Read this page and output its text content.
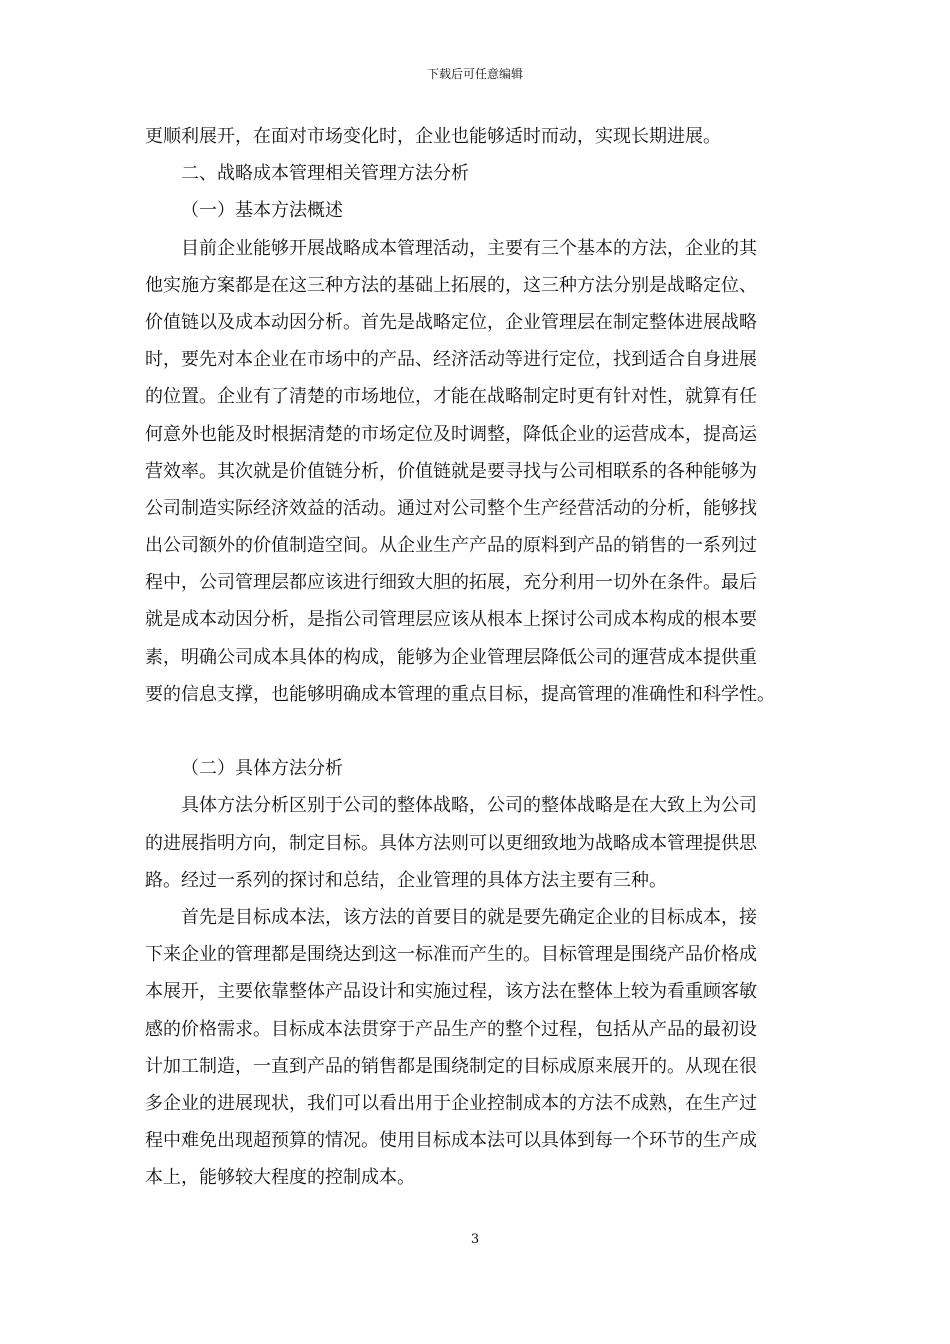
下载后可任意编辑
更顺利展开，在面对市场变化时，企业也能够适时而动，实现长期进展。
二、战略成本管理相关管理方法分析
（一）基本方法概述
目前企业能够开展战略成本管理活动，主要有三个基本的方法，企业的其
他实施方案都是在这三种方法的基础上拓展的，这三种方法分别是战略定位、
价值链以及成本动因分析。首先是战略定位，企业管理层在制定整体进展战略
时，要先对本企业在市场中的产品、经济活动等进行定位，找到适合自身进展
的位置。企业有了清楚的市场地位，才能在战略制定时更有针对性，就算有任
何意外也能及时根据清楚的市场定位及时调整，降低企业的运营成本，提高运
营效率。其次就是价值链分析，价值链就是要寻找与公司相联系的各种能够为
公司制造实际经济效益的活动。通过对公司整个生产经营活动的分析，能够找
出公司额外的价值制造空间。从企业生产产品的原料到产品的销售的一系列过
程中，公司管理层都应该进行细致大胆的拓展，充分利用一切外在条件。最后
就是成本动因分析，是指公司管理层应该从根本上探讨公司成本构成的根本要
素，明确公司成本具体的构成，能够为企业管理层降低公司的運营成本提供重
要的信息支撑，也能够明确成本管理的重点目标，提高管理的准确性和科学性。
（二）具体方法分析
具体方法分析区别于公司的整体战略，公司的整体战略是在大致上为公司
的进展指明方向，制定目标。具体方法则可以更细致地为战略成本管理提供思
路。经过一系列的探讨和总结，企业管理的具体方法主要有三种。
首先是目标成本法，该方法的首要目的就是要先确定企业的目标成本，接
下来企业的管理都是围绕达到这一标准而产生的。目标管理是围绕产品价格成
本展开，主要依靠整体产品设计和实施过程，该方法在整体上较为看重顾客敏
感的价格需求。目标成本法贯穿于产品生产的整个过程，包括从产品的最初设
计加工制造，一直到产品的销售都是围绕制定的目标成原来展开的。从现在很
多企业的进展现状，我们可以看出用于企业控制成本的方法不成熟，在生产过
程中难免出现超预算的情况。使用目标成本法可以具体到每一个环节的生产成
本上，能够较大程度的控制成本。
3
